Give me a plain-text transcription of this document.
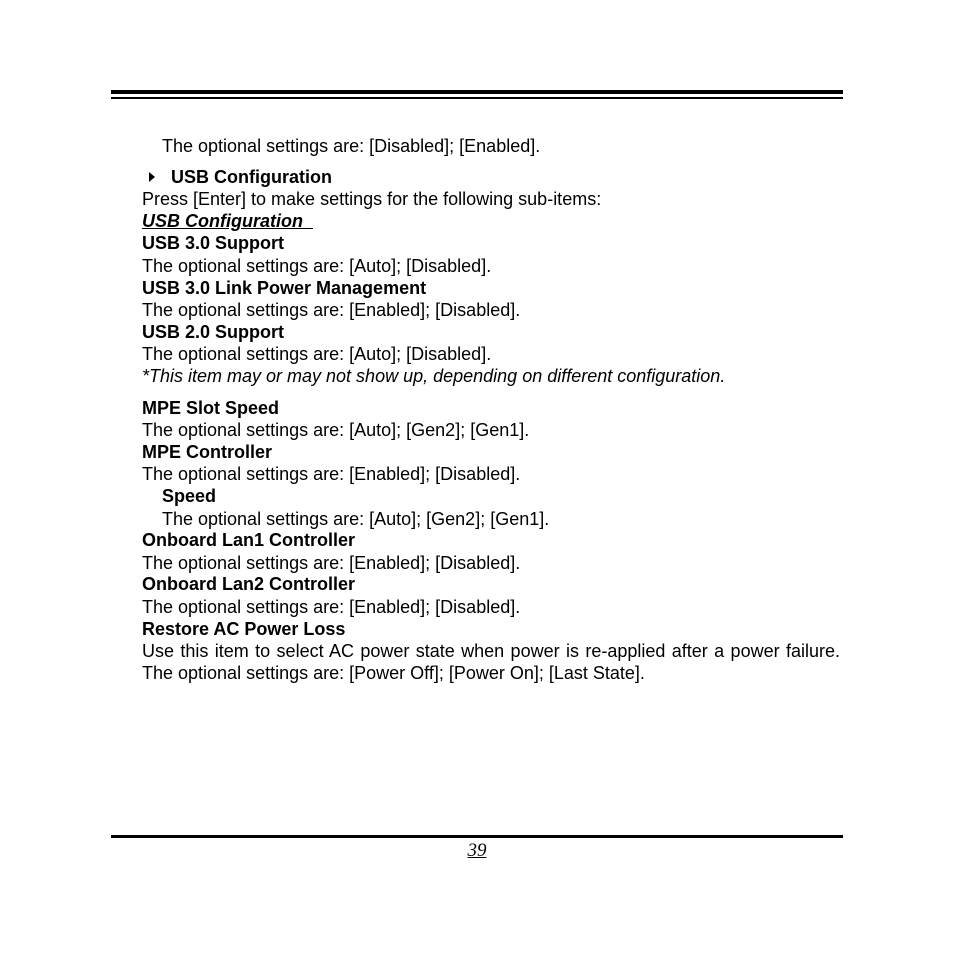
The optional settings are: [Disabled]; [Enabled].
USB Configuration
Press [Enter] to make settings for the following sub-items:
USB Configuration
USB 3.0 Support
The optional settings are: [Auto]; [Disabled].
USB 3.0 Link Power Management
The optional settings are: [Enabled]; [Disabled].
USB 2.0 Support
The optional settings are: [Auto]; [Disabled].
*This item may or may not show up, depending on different configuration.
MPE Slot Speed
The optional settings are: [Auto]; [Gen2]; [Gen1].
MPE Controller
The optional settings are: [Enabled]; [Disabled].
Speed
The optional settings are: [Auto]; [Gen2]; [Gen1].
Onboard Lan1 Controller
The optional settings are: [Enabled]; [Disabled].
Onboard Lan2 Controller
The optional settings are: [Enabled]; [Disabled].
Restore AC Power Loss
Use this item to select AC power state when power is re-applied after a power failure. The optional settings are: [Power Off]; [Power On]; [Last State].
39
